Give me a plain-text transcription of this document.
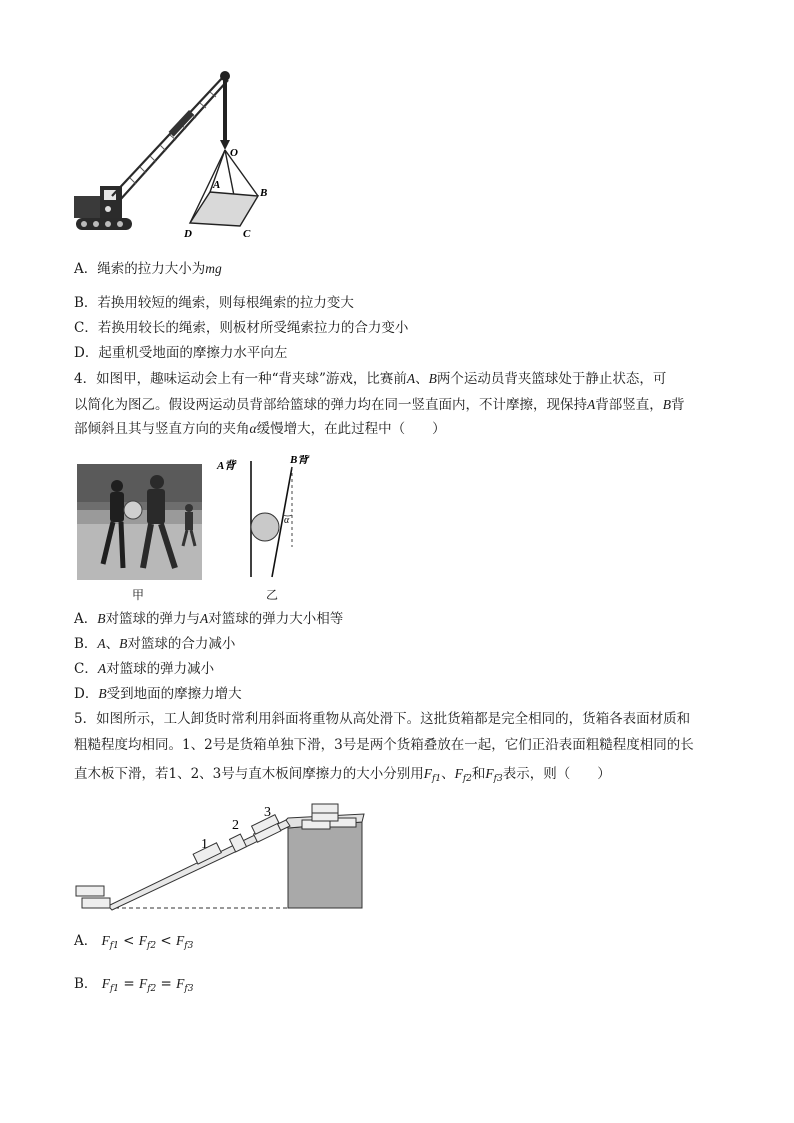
O
A
B
C
D
A．绳索的拉力大小为mg
B．若换用较短的绳索，则每根绳索的拉力变大
C．若换用较长的绳索，则板材所受绳索拉力的合力变小
D．起重机受地面的摩擦力水平向左
4．如图甲，趣味运动会上有一种“背夹球”游戏，比赛前A、B两个运动员背夹篮球处于静止状态，可
以简化为图乙。假设两运动员背部给篮球的弹力均在同一竖直面内，不计摩擦，现保持A背部竖直，B背
部倾斜且其与竖直方向的夹角α缓慢增大，在此过程中（　　）
甲
A背	B背
α
乙
A．B对篮球的弹力与A对篮球的弹力大小相等
B．A、B对篮球的合力减小
C．A对篮球的弹力减小
D．B受到地面的摩擦力增大
5．如图所示，工人卸货时常利用斜面将重物从高处滑下。这批货箱都是完全相同的，货箱各表面材质和
粗糙程度均相同。1、2号是货箱单独下滑，3号是两个货箱叠放在一起，它们正沿表面粗糙程度相同的长
直木板下滑，若1、2、3号与直木板间摩擦力的大小分别用$F_{f1}$、$F_{f2}$和$F_{f3}$表示，则（　　）
1
2
3
A． $F_{f1} < F_{f2} < F_{f3}$
B． $F_{f1} = F_{f2} = F_{f3}$
